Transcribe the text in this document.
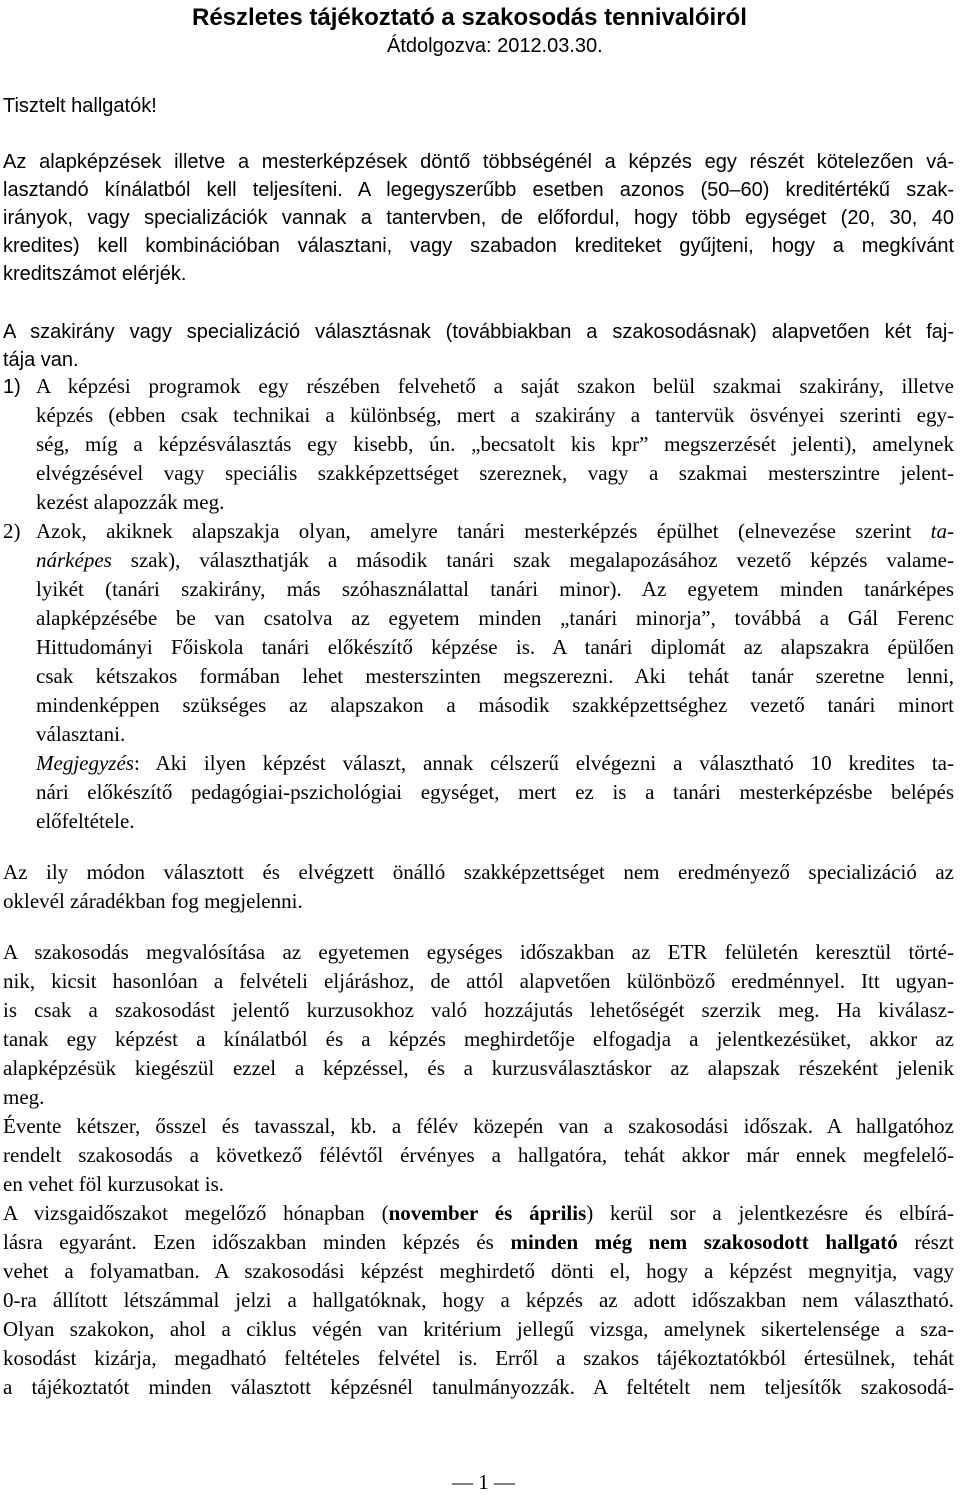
Részletes tájékoztató a szakosodás tennivalóiról
Átdolgozva: 2012.03.30.
Tisztelt hallgatók!
Az alapképzések illetve a mesterképzések döntő többségénél a képzés egy részét kötelezően vá-
lasztandó kínálatból kell teljesíteni. A legegyszerűbb esetben azonos (50–60) kreditértékű szak-
irányok, vagy specializációk vannak a tantervben, de előfordul, hogy több egységet (20, 30, 40
kredites) kell kombinációban választani, vagy szabadon krediteket gyűjteni, hogy a megkívánt
kreditszámot elérjék.
A szakirány vagy specializáció választásnak (továbbiakban a szakosodásnak) alapvetően két faj-
tája van.
1) A képzési programok egy részében felvehető a saját szakon belül szakmai szakirány, illetve
képzés (ebben csak technikai a különbség, mert a szakirány a tantervük ösvényei szerinti egy-
ség, míg a képzésválasztás egy kisebb, ún. „becsatolt kis kpr” megszerzését jelenti), amelynek
elvégzésével vagy speciális szakképzettséget szereznek, vagy a szakmai mesterszintre jelent-
kezést alapozzák meg.
2) Azok, akiknek alapszakja olyan, amelyre tanári mesterképzés épülhet (elnevezése szerint ta-
nárképes szak), választhatják a második tanári szak megalapozásához vezető képzés valame-
lyikét (tanári szakirány, más szóhasználattal tanári minor). Az egyetem minden tanárképes
alapképzésébe be van csatolva az egyetem minden „tanári minorja”, továbbá a Gál Ferenc
Hittudományi Főiskola tanári előkészítő képzése is. A tanári diplomát az alapszakra épülően
csak kétszakos formában lehet mesterszinten megszerezni. Aki tehát tanár szeretne lenni,
mindenképpen szükséges az alapszakon a második szakképzettséghez vezető tanári minort
választani.
Megjegyzés: Aki ilyen képzést választ, annak célszerű elvégezni a választható 10 kredites ta-
nári előkészítő pedagógiai-pszichológiai egységet, mert ez is a tanári mesterképzésbe belépés
előfeltétele.
Az ily módon választott és elvégzett önálló szakképzettséget nem eredményező specializáció az
oklevél záradékban fog megjelenni.
A szakosodás megvalósítása az egyetemen egységes időszakban az ETR felületén keresztül törté-
nik, kicsit hasonlóan a felvételi eljáráshoz, de attól alapvetően különböző eredménnyel. Itt ugyan-
is csak a szakosodást jelentő kurzusokhoz való hozzájutás lehetőségét szerzik meg. Ha kiválasz-
tanak egy képzést a kínálatból és a képzés meghirdetője elfogadja a jelentkezésüket, akkor az
alapképzésük kiegészül ezzel a képzéssel, és a kurzusválasztáskor az alapszak részeként jelenik
meg.
Évente kétszer, ősszel és tavasszal, kb. a félév közepén van a szakosodási időszak. A hallgatóhoz
rendelt szakosodás a következő félévtől érvényes a hallgatóra, tehát akkor már ennek megfelelő-
en vehet föl kurzusokat is.
A vizsgaidőszakot megelőző hónapban (november és április) kerül sor a jelentkezésre és elbírá-
lásra egyaránt. Ezen időszakban minden képzés és minden még nem szakosodott hallgató részt
vehet a folyamatban. A szakosodási képzést meghirdető dönti el, hogy a képzést megnyitja, vagy
0-ra állított létszámmal jelzi a hallgatóknak, hogy a képzés az adott időszakban nem választható.
Olyan szakokon, ahol a ciklus végén van kritérium jellegű vizsga, amelynek sikertelensége a sza-
kosodást kizárja, megadható feltételes felvétel is. Erről a szakos tájékoztatókból értesülnek, tehát
a tájékoztatót minden választott képzésnél tanulmányozzák. A feltételt nem teljesítők szakosodá-
— 1 —
